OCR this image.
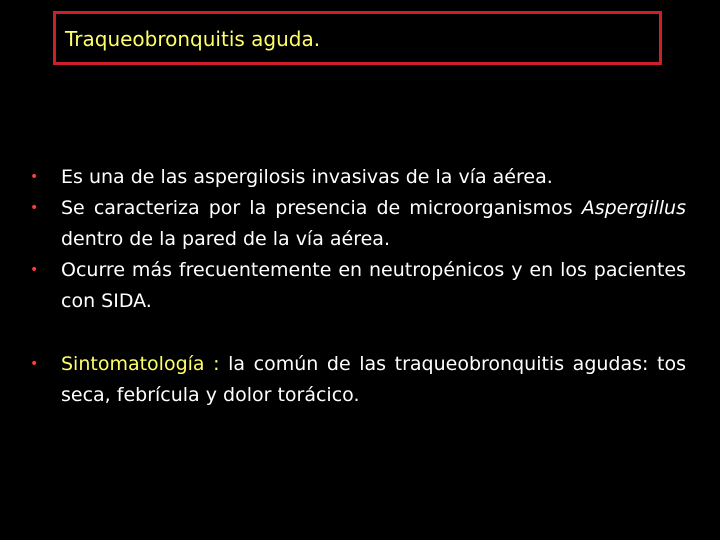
Traqueobronquitis aguda.
• Es una de las aspergilosis invasivas de la vía aérea.
• Se caracteriza por la presencia de microorganismos Aspergillus dentro de la pared de la vía aérea.
• Ocurre más frecuentemente en neutropénicos y en los pacientes con SIDA.
• Sintomatología : la común de las traqueobronquitis agudas: tos seca, febrícula y dolor torácico.
